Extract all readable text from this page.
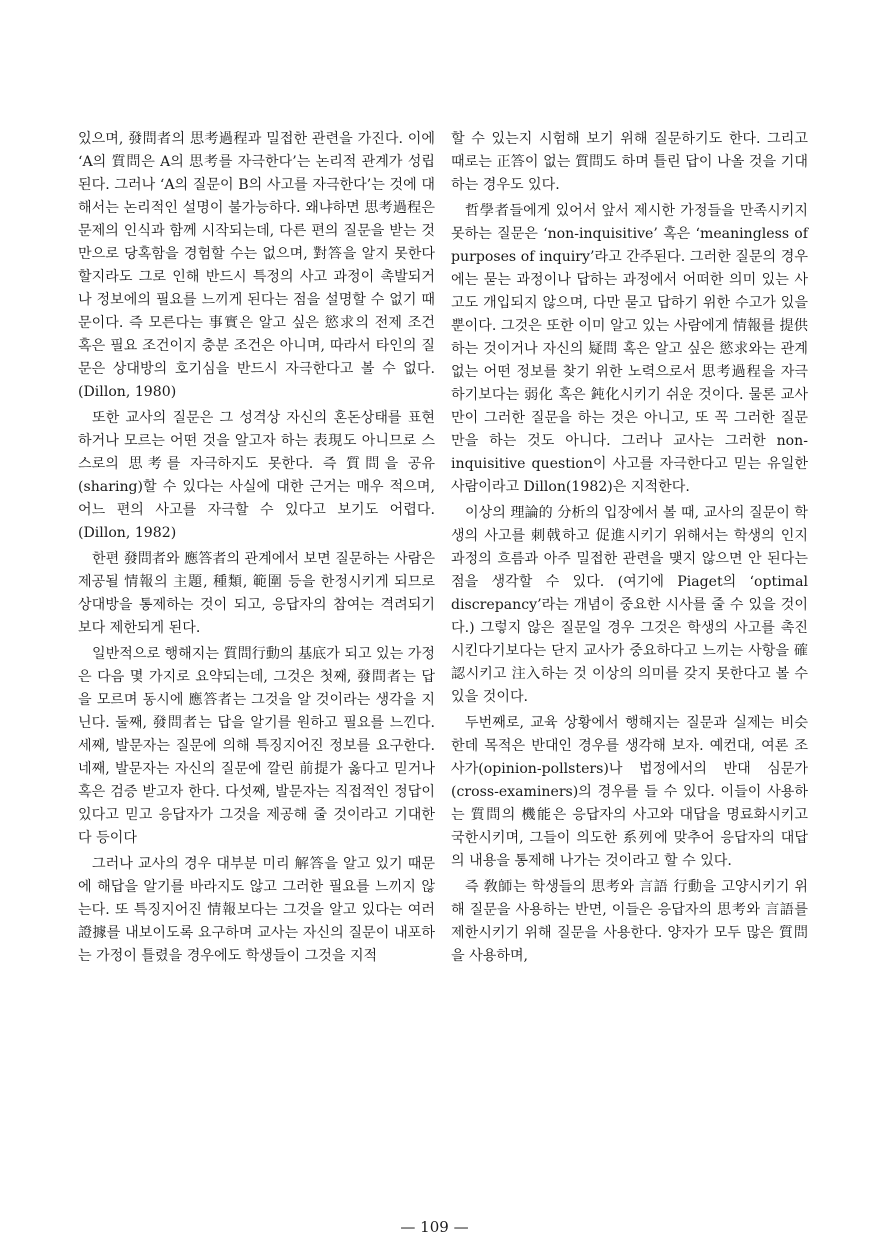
있으며, 發問者의 思考過程과 밀접한 관련을 가진다. 이에 ‘A의 質問은 A의 思考를 자극한다’는 논리적 관계가 성립된다. 그러나 ‘A의 질문이 B의 사고를 자극한다’는 것에 대해서는 논리적인 설명이 불가능하다. 왜냐하면 思考過程은 문제의 인식과 함께 시작되는데, 다른 편의 질문을 받는 것만으로 당혹함을 경험할 수는 없으며, 對答을 알지 못한다 할지라도 그로 인해 반드시 특정의 사고 과정이 촉발되거나 정보에의 필요를 느끼게 된다는 점을 설명할 수 없기 때문이다. 즉 모른다는 事實은 알고 싶은 慾求의 전제 조건 혹은 필요 조건이지 충분 조건은 아니며, 따라서 타인의 질문은 상대방의 호기심을 반드시 자극한다고 볼 수 없다. (Dillon, 1980)

또한 교사의 질문은 그 성격상 자신의 혼돈상태를 표현하거나 모르는 어떤 것을 알고자 하는 表現도 아니므로 스스로의 思考를 자극하지도 못한다. 즉 質問을 공유(sharing)할 수 있다는 사실에 대한 근거는 매우 적으며, 어느 편의 사고를 자극할 수 있다고 보기도 어렵다. (Dillon, 1982)

한편 發問者와 應答者의 관계에서 보면 질문하는 사람은 제공될 情報의 主題, 種類, 範圍 등을 한정시키게 되므로 상대방을 통제하는 것이 되고, 응답자의 참여는 격려되기보다 제한되게 된다.

일반적으로 행해지는 質問行動의 基底가 되고 있는 가정은 다음 몇 가지로 요약되는데, 그것은 첫째, 發問者는 답을 모르며 동시에 應答者는 그것을 알 것이라는 생각을 지닌다. 둘째, 發問者는 답을 알기를 원하고 필요를 느낀다. 세째, 발문자는 질문에 의해 특징지어진 정보를 요구한다. 네째, 발문자는 자신의 질문에 깔린 前提가 옳다고 믿거나 혹은 검증 받고자 한다. 다섯째, 발문자는 직접적인 정답이 있다고 믿고 응답자가 그것을 제공해 줄 것이라고 기대한다 등이다

그러나 교사의 경우 대부분 미리 解答을 알고 있기 때문에 해답을 알기를 바라지도 않고 그러한 필요를 느끼지 않는다. 또 특징지어진 情報보다는 그것을 알고 있다는 여러 證據를 내보이도록 요구하며 교사는 자신의 질문이 내포하는 가정이 틀렸을 경우에도 학생들이 그것을 지적

할 수 있는지 시험해 보기 위해 질문하기도 한다. 그리고 때로는 正答이 없는 質問도 하며 틀린 답이 나올 것을 기대하는 경우도 있다.

哲學者들에게 있어서 앞서 제시한 가정들을 만족시키지 못하는 질문은 ‘non-inquisitive’ 혹은 ‘meaningless of purposes of inquiry’라고 간주된다. 그러한 질문의 경우에는 묻는 과정이나 답하는 과정에서 어떠한 의미 있는 사고도 개입되지 않으며, 다만 묻고 답하기 위한 수고가 있을 뿐이다. 그것은 또한 이미 알고 있는 사람에게 情報를 提供하는 것이거나 자신의 疑問 혹은 알고 싶은 慾求와는 관계 없는 어떤 정보를 찾기 위한 노력으로서 思考過程을 자극하기보다는 弱化 혹은 鈍化시키기 쉬운 것이다. 물론 교사만이 그러한 질문을 하는 것은 아니고, 또 꼭 그러한 질문만을 하는 것도 아니다. 그러나 교사는 그러한 non-inquisitive question이 사고를 자극한다고 믿는 유일한 사람이라고 Dillon(1982)은 지적한다.

이상의 理論的 分析의 입장에서 볼 때, 교사의 질문이 학생의 사고를 刺戟하고 促進시키기 위해서는 학생의 인지 과정의 흐름과 아주 밀접한 관련을 맺지 않으면 안 된다는 점을 생각할 수 있다. (여기에 Piaget의 ‘optimal discrepancy’라는 개념이 중요한 시사를 줄 수 있을 것이다.) 그렇지 않은 질문일 경우 그것은 학생의 사고를 촉진시킨다기보다는 단지 교사가 중요하다고 느끼는 사항을 確認시키고 注入하는 것 이상의 의미를 갖지 못한다고 볼 수 있을 것이다.

두번째로, 교육 상황에서 행해지는 질문과 실제는 비슷한데 목적은 반대인 경우를 생각해 보자. 예컨대, 여론 조사가(opinion-pollsters)나 법정에서의 반대 심문가(cross-examiners)의 경우를 들 수 있다. 이들이 사용하는 質問의 機能은 응답자의 사고와 대답을 명료화시키고 국한시키며, 그들이 의도한 系列에 맞추어 응답자의 대답의 내용을 통제해 나가는 것이라고 할 수 있다.

즉 敎師는 학생들의 思考와 言語 行動을 고양시키기 위해 질문을 사용하는 반면, 이들은 응답자의 思考와 言語를 제한시키기 위해 질문을 사용한다. 양자가 모두 많은 質問을 사용하며,

— 109 —
